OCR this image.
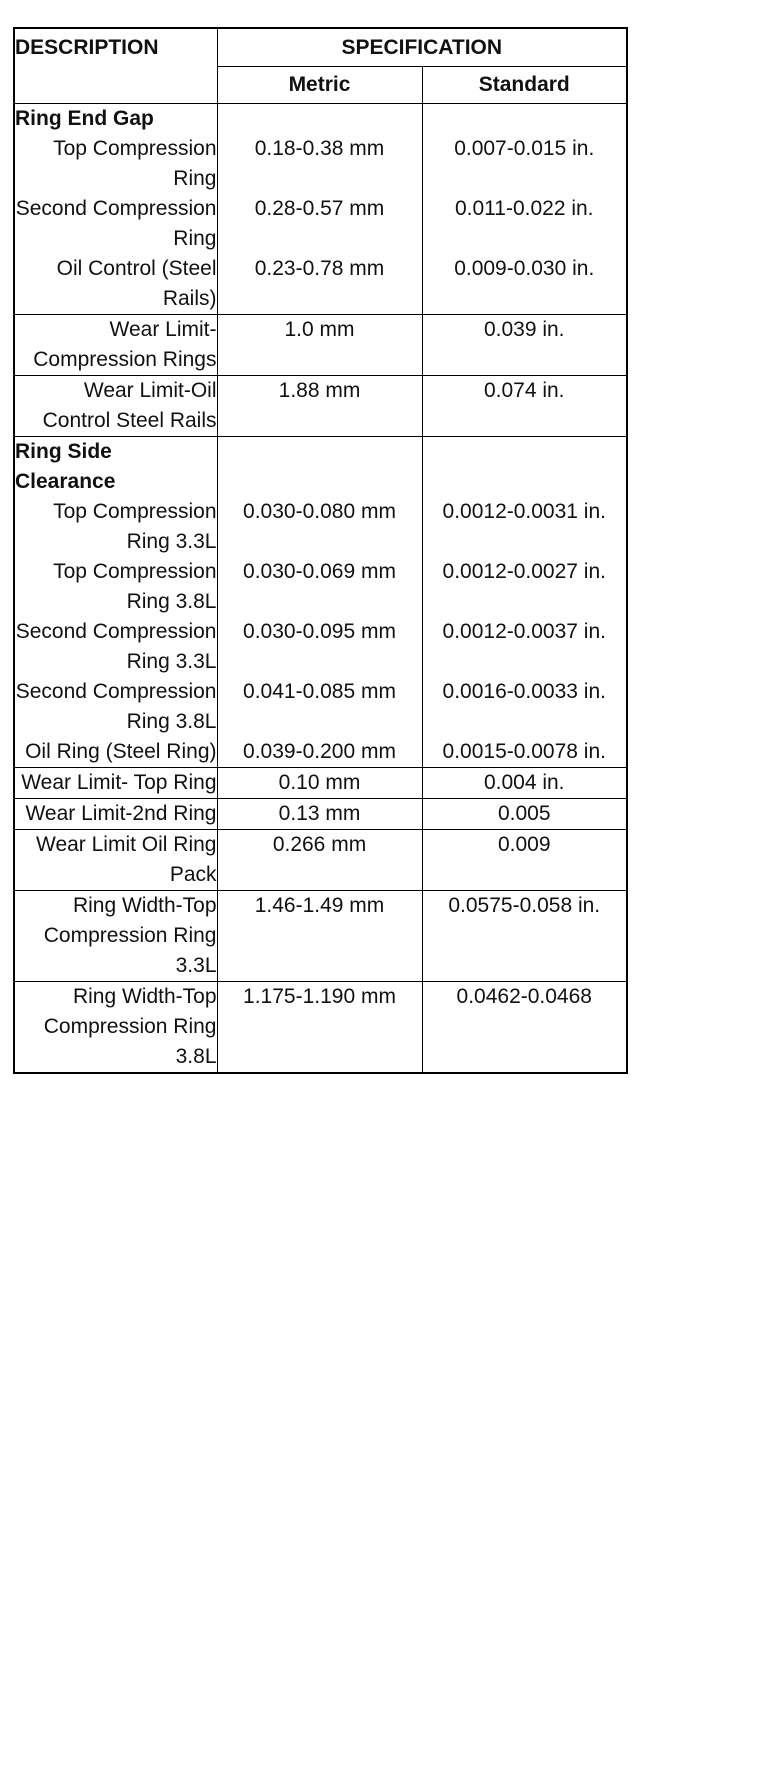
DESCRIPTION	SPECIFICATION	
	Metric	Standard
Ring End Gap		
Top Compression Ring	0.18-0.38 mm	0.007-0.015 in.
Second Compression Ring	0.28-0.57 mm	0.011-0.022 in.
Oil Control (Steel Rails)	0.23-0.78 mm	0.009-0.030 in.
Wear Limit-Compression Rings	1.0 mm	0.039 in.
Wear Limit-Oil Control Steel Rails	1.88 mm	0.074 in.
Ring Side Clearance		
Top Compression Ring 3.3L	0.030-0.080 mm	0.0012-0.0031 in.
Top Compression Ring 3.8L	0.030-0.069 mm	0.0012-0.0027 in.
Second Compression Ring 3.3L	0.030-0.095 mm	0.0012-0.0037 in.
Second Compression Ring 3.8L	0.041-0.085 mm	0.0016-0.0033 in.
Oil Ring (Steel Ring)	0.039-0.200 mm	0.0015-0.0078 in.
Wear Limit- Top Ring	0.10 mm	0.004 in.
Wear Limit-2nd Ring	0.13 mm	0.005
Wear Limit Oil Ring Pack	0.266 mm	0.009
Ring Width-Top Compression Ring 3.3L	1.46-1.49 mm	0.0575-0.058 in.
Ring Width-Top Compression Ring 3.8L	1.175-1.190 mm	0.0462-0.0468
